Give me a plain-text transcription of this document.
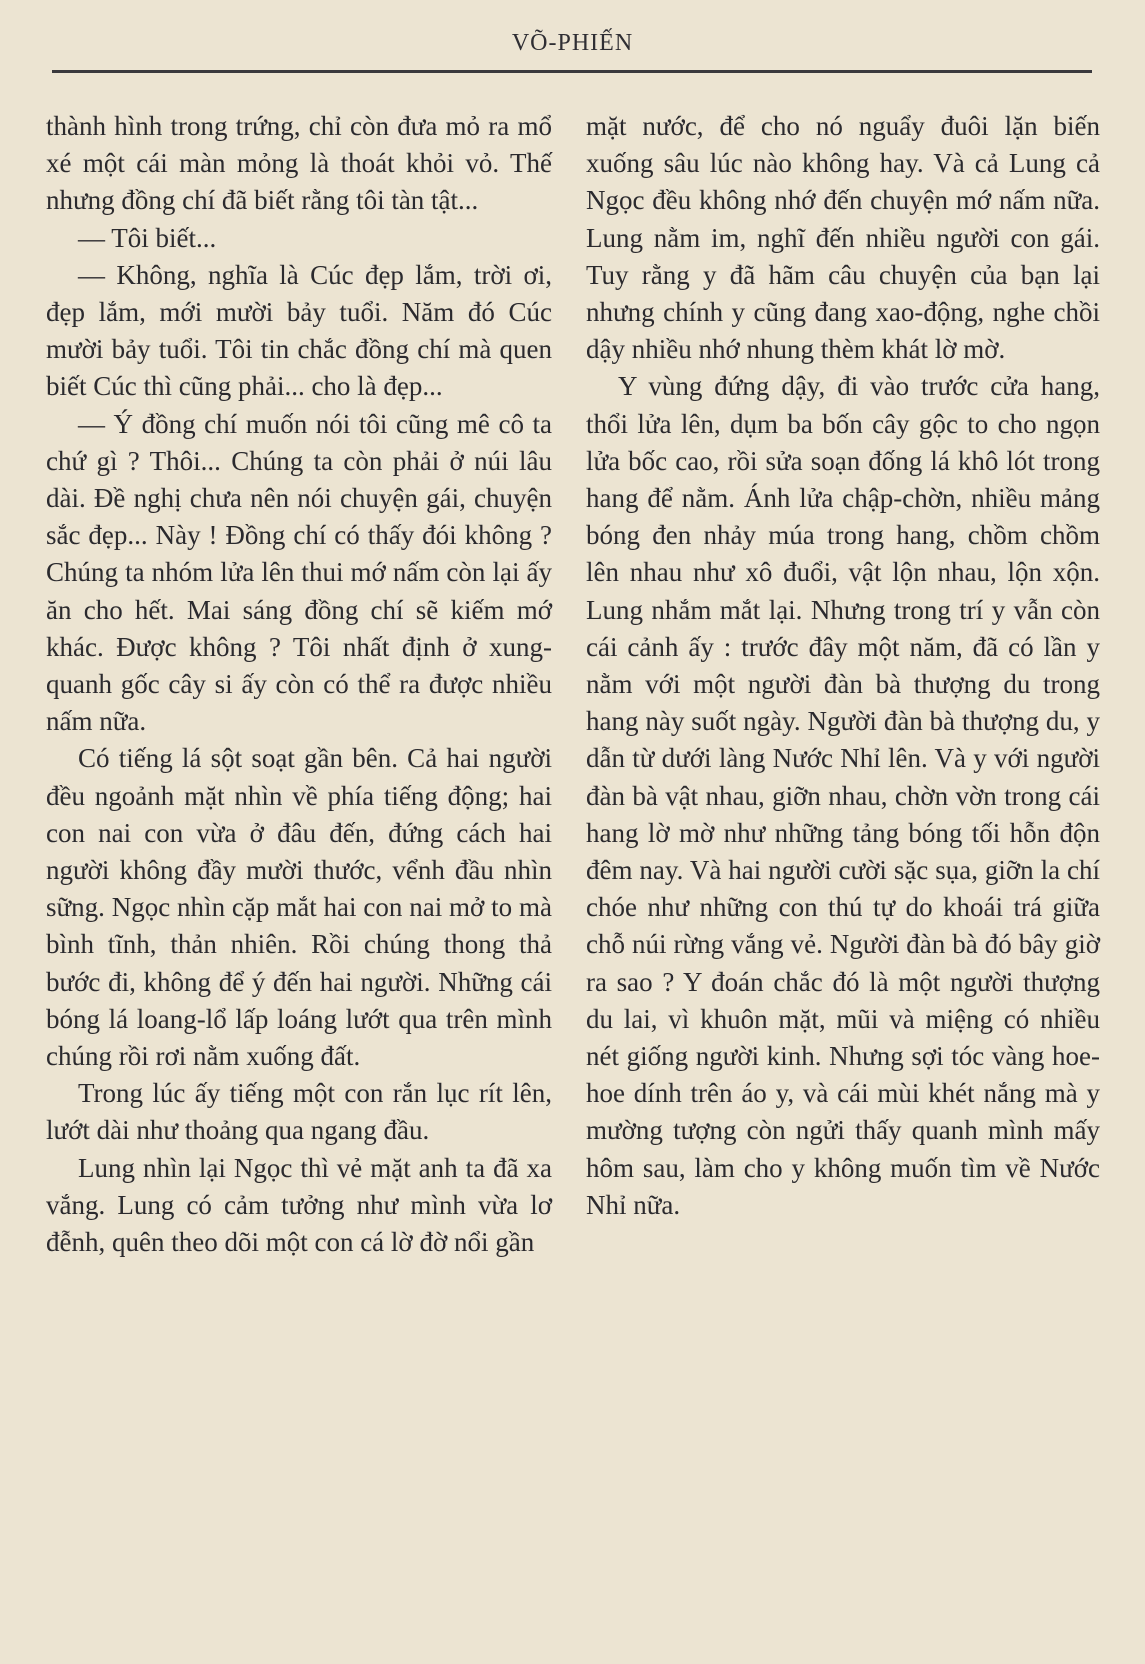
VÕ-PHIẾN

thành hình trong trứng, chỉ còn đưa mỏ ra mổ xé một cái màn mỏng là thoát khỏi vỏ. Thế nhưng đồng chí đã biết rằng tôi tàn tật...

— Tôi biết...

— Không, nghĩa là Cúc đẹp lắm, trời ơi, đẹp lắm, mới mười bảy tuổi. Năm đó Cúc mười bảy tuổi. Tôi tin chắc đồng chí mà quen biết Cúc thì cũng phải... cho là đẹp...

— Ý đồng chí muốn nói tôi cũng mê cô ta chứ gì ? Thôi... Chúng ta còn phải ở núi lâu dài. Đề nghị chưa nên nói chuyện gái, chuyện sắc đẹp... Này ! Đồng chí có thấy đói không ? Chúng ta nhóm lửa lên thui mớ nấm còn lại ấy ăn cho hết. Mai sáng đồng chí sẽ kiếm mớ khác. Được không ? Tôi nhất định ở xung-quanh gốc cây si ấy còn có thể ra được nhiều nấm nữa.

Có tiếng lá sột soạt gần bên. Cả hai người đều ngoảnh mặt nhìn về phía tiếng động; hai con nai con vừa ở đâu đến, đứng cách hai người không đầy mười thước, vểnh đầu nhìn sững. Ngọc nhìn cặp mắt hai con nai mở to mà bình tĩnh, thản nhiên. Rồi chúng thong thả bước đi, không để ý đến hai người. Những cái bóng lá loang-lổ lấp loáng lướt qua trên mình chúng rồi rơi nằm xuống đất.

Trong lúc ấy tiếng một con rắn lục rít lên, lướt dài như thoảng qua ngang đầu.

Lung nhìn lại Ngọc thì vẻ mặt anh ta đã xa vắng. Lung có cảm tưởng như mình vừa lơ đễnh, quên theo dõi một con cá lờ đờ nổi gần

mặt nước, để cho nó nguẩy đuôi lặn biến xuống sâu lúc nào không hay. Và cả Lung cả Ngọc đều không nhớ đến chuyện mớ nấm nữa. Lung nằm im, nghĩ đến nhiều người con gái. Tuy rằng y đã hãm câu chuyện của bạn lại nhưng chính y cũng đang xao-động, nghe chồi dậy nhiều nhớ nhung thèm khát lờ mờ.

Y vùng đứng dậy, đi vào trước cửa hang, thổi lửa lên, dụm ba bốn cây gộc to cho ngọn lửa bốc cao, rồi sửa soạn đống lá khô lót trong hang để nằm. Ánh lửa chập-chờn, nhiều mảng bóng đen nhảy múa trong hang, chồm chồm lên nhau như xô đuổi, vật lộn nhau, lộn xộn. Lung nhắm mắt lại. Nhưng trong trí y vẫn còn cái cảnh ấy : trước đây một năm, đã có lần y nằm với một người đàn bà thượng du trong hang này suốt ngày. Người đàn bà thượng du, y dẫn từ dưới làng Nước Nhỉ lên. Và y với người đàn bà vật nhau, giỡn nhau, chờn vờn trong cái hang lờ mờ như những tảng bóng tối hỗn độn đêm nay. Và hai người cười sặc sụa, giỡn la chí chóe như những con thú tự do khoái trá giữa chỗ núi rừng vắng vẻ. Người đàn bà đó bây giờ ra sao ? Y đoán chắc đó là một người thượng du lai, vì khuôn mặt, mũi và miệng có nhiều nét giống người kinh. Nhưng sợi tóc vàng hoe-hoe dính trên áo y, và cái mùi khét nắng mà y mường tượng còn ngửi thấy quanh mình mấy hôm sau, làm cho y không muốn tìm về Nước Nhỉ nữa.
